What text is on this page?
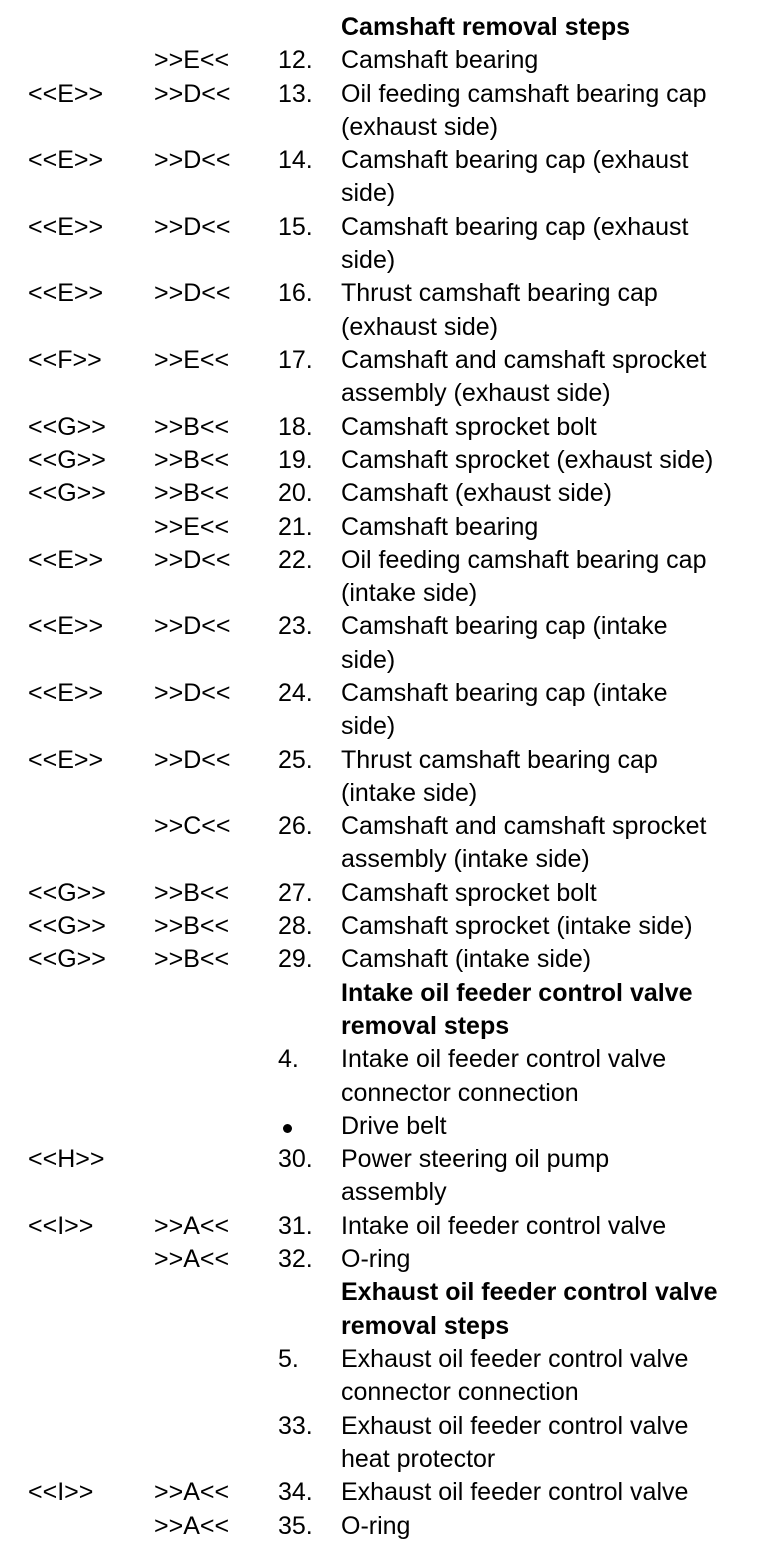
Camshaft removal steps
>>E<< 12. Camshaft bearing
<<E>> >>D<< 13. Oil feeding camshaft bearing cap
(exhaust side)
<<E>> >>D<< 14. Camshaft bearing cap (exhaust
side)
<<E>> >>D<< 15. Camshaft bearing cap (exhaust
side)
<<E>> >>D<< 16. Thrust camshaft bearing cap
(exhaust side)
<<F>> >>E<< 17. Camshaft and camshaft sprocket
assembly (exhaust side)
<<G>> >>B<< 18. Camshaft sprocket bolt
<<G>> >>B<< 19. Camshaft sprocket (exhaust side)
<<G>> >>B<< 20. Camshaft (exhaust side)
>>E<< 21. Camshaft bearing
<<E>> >>D<< 22. Oil feeding camshaft bearing cap
(intake side)
<<E>> >>D<< 23. Camshaft bearing cap (intake
side)
<<E>> >>D<< 24. Camshaft bearing cap (intake
side)
<<E>> >>D<< 25. Thrust camshaft bearing cap
(intake side)
>>C<< 26. Camshaft and camshaft sprocket
assembly (intake side)
<<G>> >>B<< 27. Camshaft sprocket bolt
<<G>> >>B<< 28. Camshaft sprocket (intake side)
<<G>> >>B<< 29. Camshaft (intake side)
Intake oil feeder control valve
removal steps
4. Intake oil feeder control valve
connector connection
Drive belt
<<H>>	30. Power steering oil pump
assembly
<<I>> >>A<< 31. Intake oil feeder control valve
>>A<< 32. O-ring
Exhaust oil feeder control valve
removal steps
5. Exhaust oil feeder control valve
connector connection
33. Exhaust oil feeder control valve
heat protector
<<I>> >>A<< 34. Exhaust oil feeder control valve
>>A<< 35. O-ring
